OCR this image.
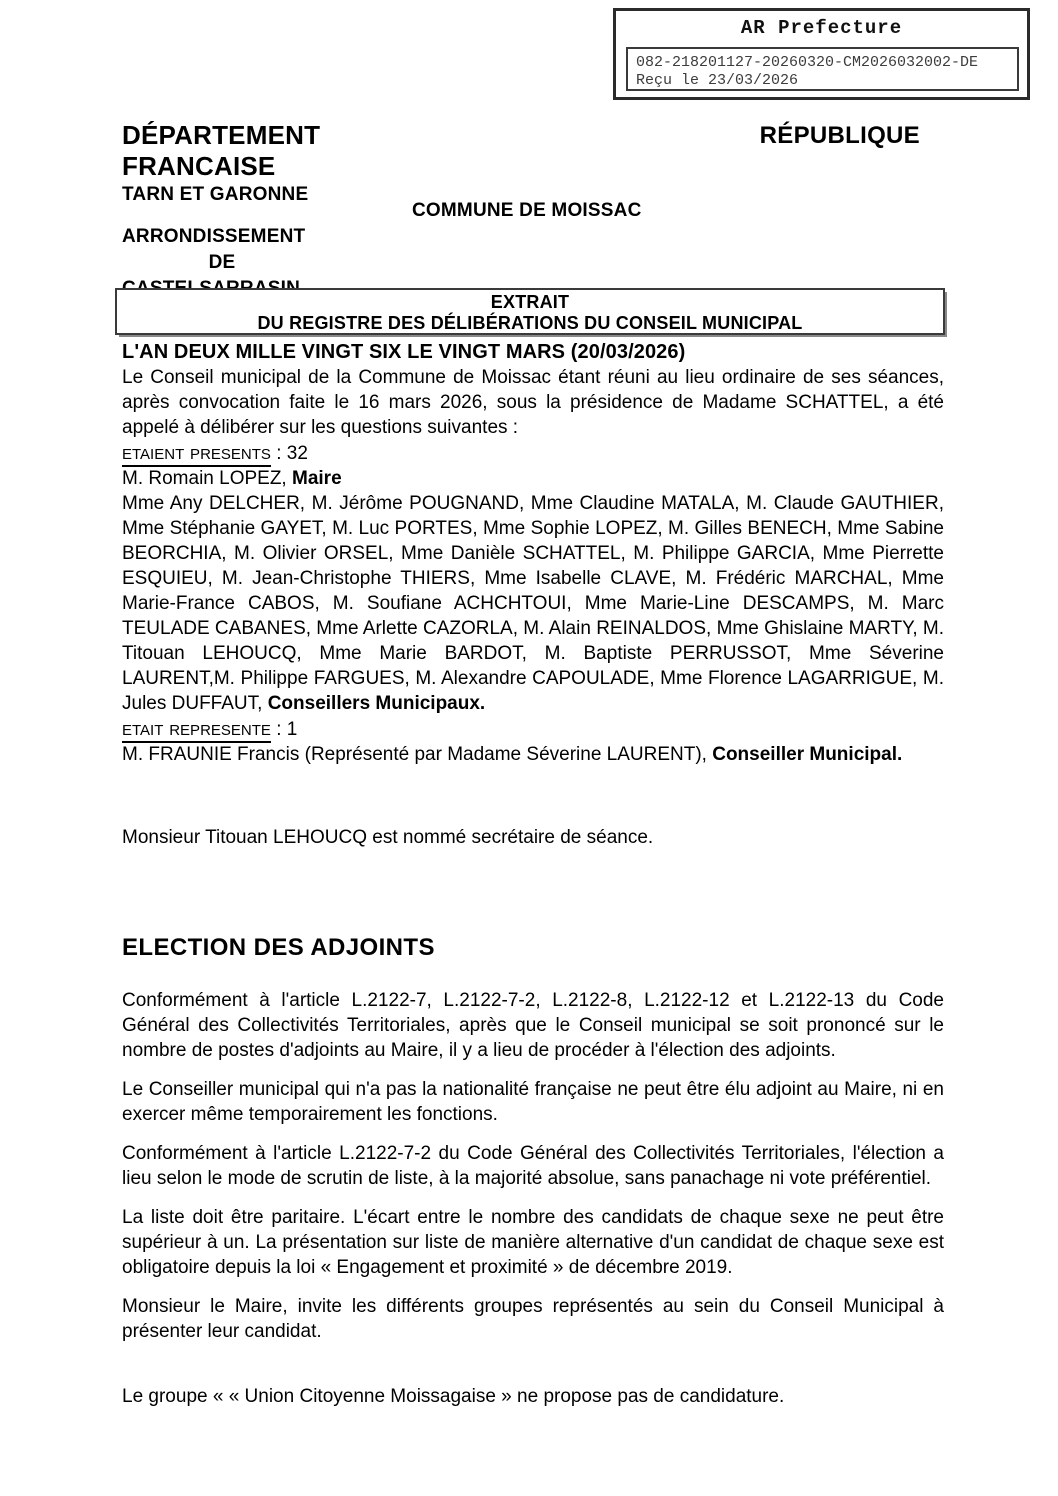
AR Prefecture
082-218201127-20260320-CM2026032002-DE
Reçu le 23/03/2026
DÉPARTEMENT
FRANCAISE
TARN ET GARONNE
ARRONDISSEMENT
DE
RÉPUBLIQUE
COMMUNE DE MOISSAC
EXTRAIT
DU REGISTRE DES DÉLIBÉRATIONS DU CONSEIL MUNICIPAL
L'AN DEUX MILLE VINGT SIX LE VINGT MARS (20/03/2026)

Le Conseil municipal de la Commune de Moissac étant réuni au lieu ordinaire de ses séances, après convocation faite le 16 mars 2026, sous la présidence de Madame SCHATTEL, a été appelé à délibérer sur les questions suivantes :

etaient presents : 32

M. Romain LOPEZ, Maire

Mme Any DELCHER, M. Jérôme POUGNAND, Mme Claudine MATALA, M. Claude GAUTHIER, Mme Stéphanie GAYET, M. Luc PORTES, Mme Sophie LOPEZ, M. Gilles BENECH, Mme Sabine BEORCHIA, M. Olivier ORSEL, Mme Danièle SCHATTEL, M. Philippe GARCIA, Mme Pierrette ESQUIEU, M. Jean-Christophe THIERS, Mme Isabelle CLAVE, M. Frédéric MARCHAL, Mme Marie-France CABOS, M. Soufiane ACHCHTOUI, Mme Marie-Line DESCAMPS, M. Marc TEULADE CABANES, Mme Arlette CAZORLA, M. Alain REINALDOS, Mme Ghislaine MARTY, M. Titouan LEHOUCQ, Mme Marie BARDOT, M. Baptiste PERRUSSOT, Mme Séverine LAURENT,M. Philippe FARGUES, M. Alexandre CAPOULADE, Mme Florence LAGARRIGUE, M. Jules DUFFAUT, Conseillers Municipaux.

etait represente : 1

M. FRAUNIE Francis (Représenté par Madame Séverine LAURENT), Conseiller Municipal.

Monsieur Titouan LEHOUCQ est nommé secrétaire de séance.

ELECTION DES ADJOINTS

Conformément à l'article L.2122-7, L.2122-7-2, L.2122-8, L.2122-12 et L.2122-13 du Code Général des Collectivités Territoriales, après que le Conseil municipal se soit prononcé sur le nombre de postes d'adjoints au Maire, il y a lieu de procéder à l'élection des adjoints.

Le Conseiller municipal qui n'a pas la nationalité française ne peut être élu adjoint au Maire, ni en exercer même temporairement les fonctions.

Conformément à l'article L.2122-7-2 du Code Général des Collectivités Territoriales, l'élection a lieu selon le mode de scrutin de liste, à la majorité absolue, sans panachage ni vote préférentiel.

La liste doit être paritaire. L'écart entre le nombre des candidats de chaque sexe ne peut être supérieur à un. La présentation sur liste de manière alternative d'un candidat de chaque sexe est obligatoire depuis la loi « Engagement et proximité » de décembre 2019.

Monsieur le Maire, invite les différents groupes représentés au sein du Conseil Municipal à présenter leur candidat.

Le groupe « « Union Citoyenne Moissagaise » ne propose pas de candidature.
